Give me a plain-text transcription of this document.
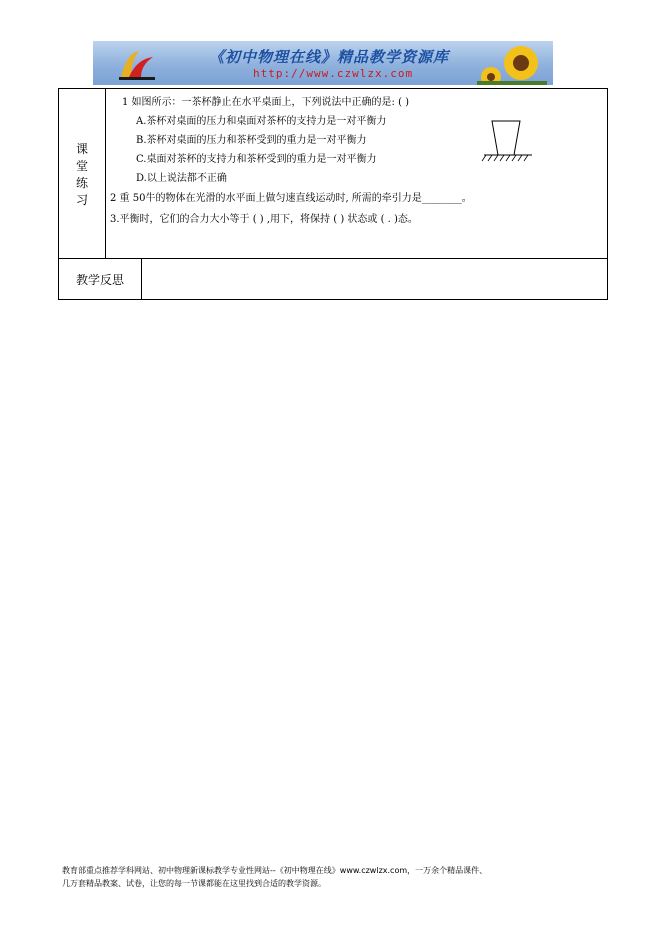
《初中物理在线》精品教学资源库
http://www.czwlzx.com
课
堂
练
习
1 如图所示：一茶杯静止在水平桌面上，下列说法中正确的是: ( )
A.茶杯对桌面的压力和桌面对茶杯的支持力是一对平衡力
B.茶杯对桌面的压力和茶杯受到的重力是一对平衡力
C.桌面对茶杯的支持力和茶杯受到的重力是一对平衡力
D.以上说法都不正确
2 重 50牛的物体在光滑的水平面上做匀速直线运动时, 所需的牵引力是________。
3.平衡时，它们的合力大小等于 ( ) ,用下，将保持 ( ) 状态或 ( . )态。
教学反思
教育部重点推荐学科网站、初中物理新课标教学专业性网站--《初中物理在线》www.czwlzx.com，一万余个精品课件、
几万套精品教案、试卷，让您的每一节课都能在这里找到合适的教学资源。
